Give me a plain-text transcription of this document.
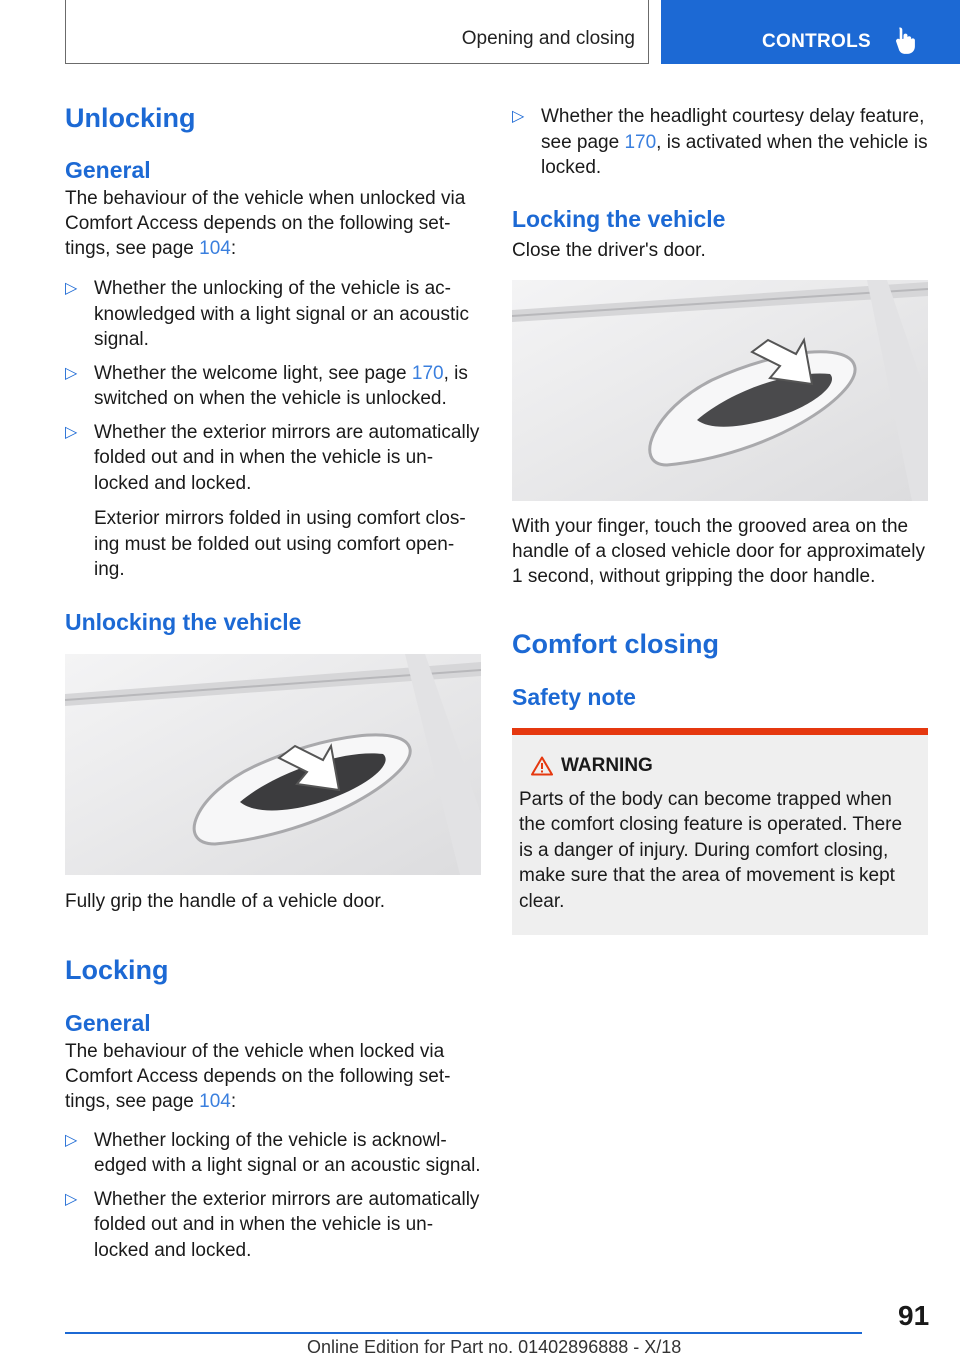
Opening and closing	CONTROLS
Unlocking
General

The behaviour of the vehicle when unlocked via Comfort Access depends on the following set-tings, see page 104:

▷ Whether the unlocking of the vehicle is ac-knowledged with a light signal or an acoustic signal.
▷ Whether the welcome light, see page 170, is switched on when the vehicle is unlocked.
▷ Whether the exterior mirrors are automatically folded out and in when the vehicle is un-locked and locked.
Exterior mirrors folded in using comfort clos-ing must be folded out using comfort open-ing.
Unlocking the vehicle

Fully grip the handle of a vehicle door.

Locking
General

The behaviour of the vehicle when locked via Comfort Access depends on the following set-tings, see page 104:

▷ Whether locking of the vehicle is acknowl-edged with a light signal or an acoustic signal.
▷ Whether the exterior mirrors are automatically folded out and in when the vehicle is un-locked and locked.
▷ Whether the headlight courtesy delay feature, see page 170, is activated when the vehicle is locked.
Locking the vehicle

Close the driver's door.

With your finger, touch the grooved area on the handle of a closed vehicle door for approximately 1 second, without gripping the door handle.

Comfort closing
Safety note
WARNING
Parts of the body can become trapped when the comfort closing feature is operated. There is a danger of injury. During comfort closing, make sure that the area of movement is kept clear.
91
Online Edition for Part no. 01402896888 - X/18
